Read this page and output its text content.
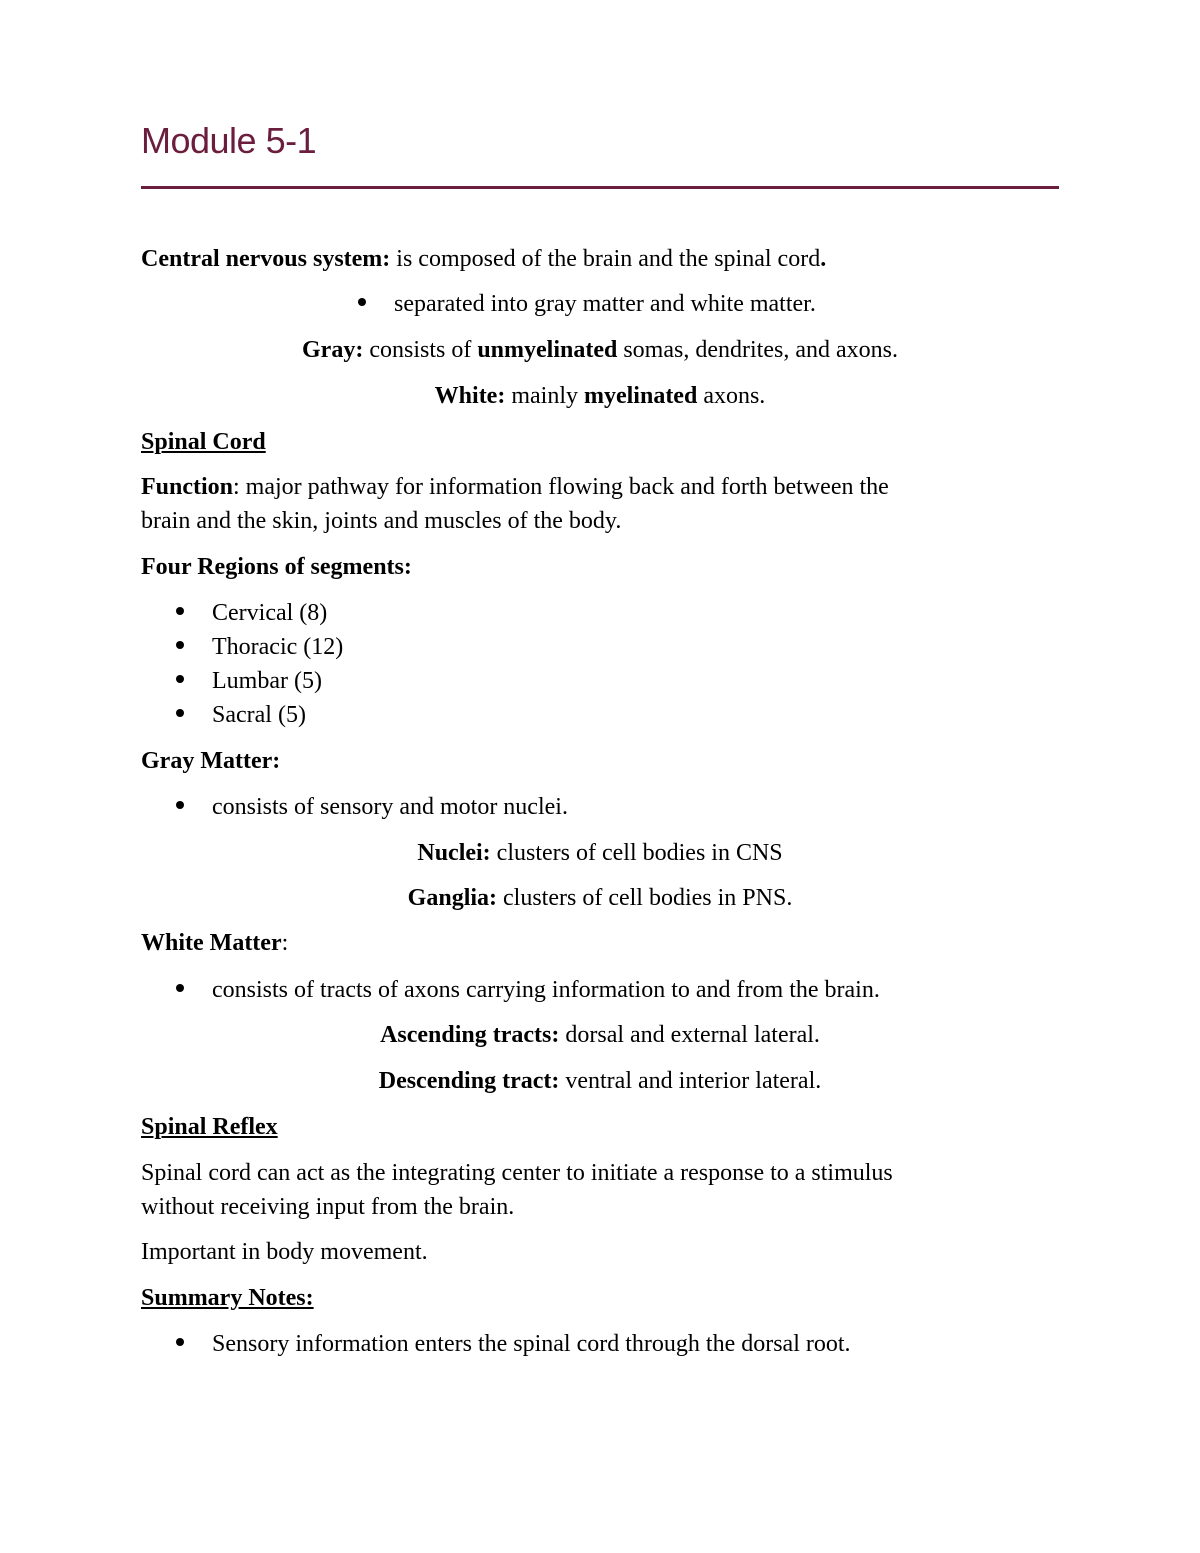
Module 5-1
Central nervous system: is composed of the brain and the spinal cord.
separated into gray matter and white matter.
Gray: consists of unmyelinated somas, dendrites, and axons.
White: mainly myelinated axons.
Spinal Cord
Function: major pathway for information flowing back and forth between the
brain and the skin, joints and muscles of the body.
Four Regions of segments:
Cervical (8)
Thoracic (12)
Lumbar (5)
Sacral (5)
Gray Matter:
consists of sensory and motor nuclei.
Nuclei: clusters of cell bodies in CNS
Ganglia: clusters of cell bodies in PNS.
White Matter:
consists of tracts of axons carrying information to and from the brain.
Ascending tracts: dorsal and external lateral.
Descending tract: ventral and interior lateral.
Spinal Reflex
Spinal cord can act as the integrating center to initiate a response to a stimulus
without receiving input from the brain.
Important in body movement.
Summary Notes:
Sensory information enters the spinal cord through the dorsal root.
